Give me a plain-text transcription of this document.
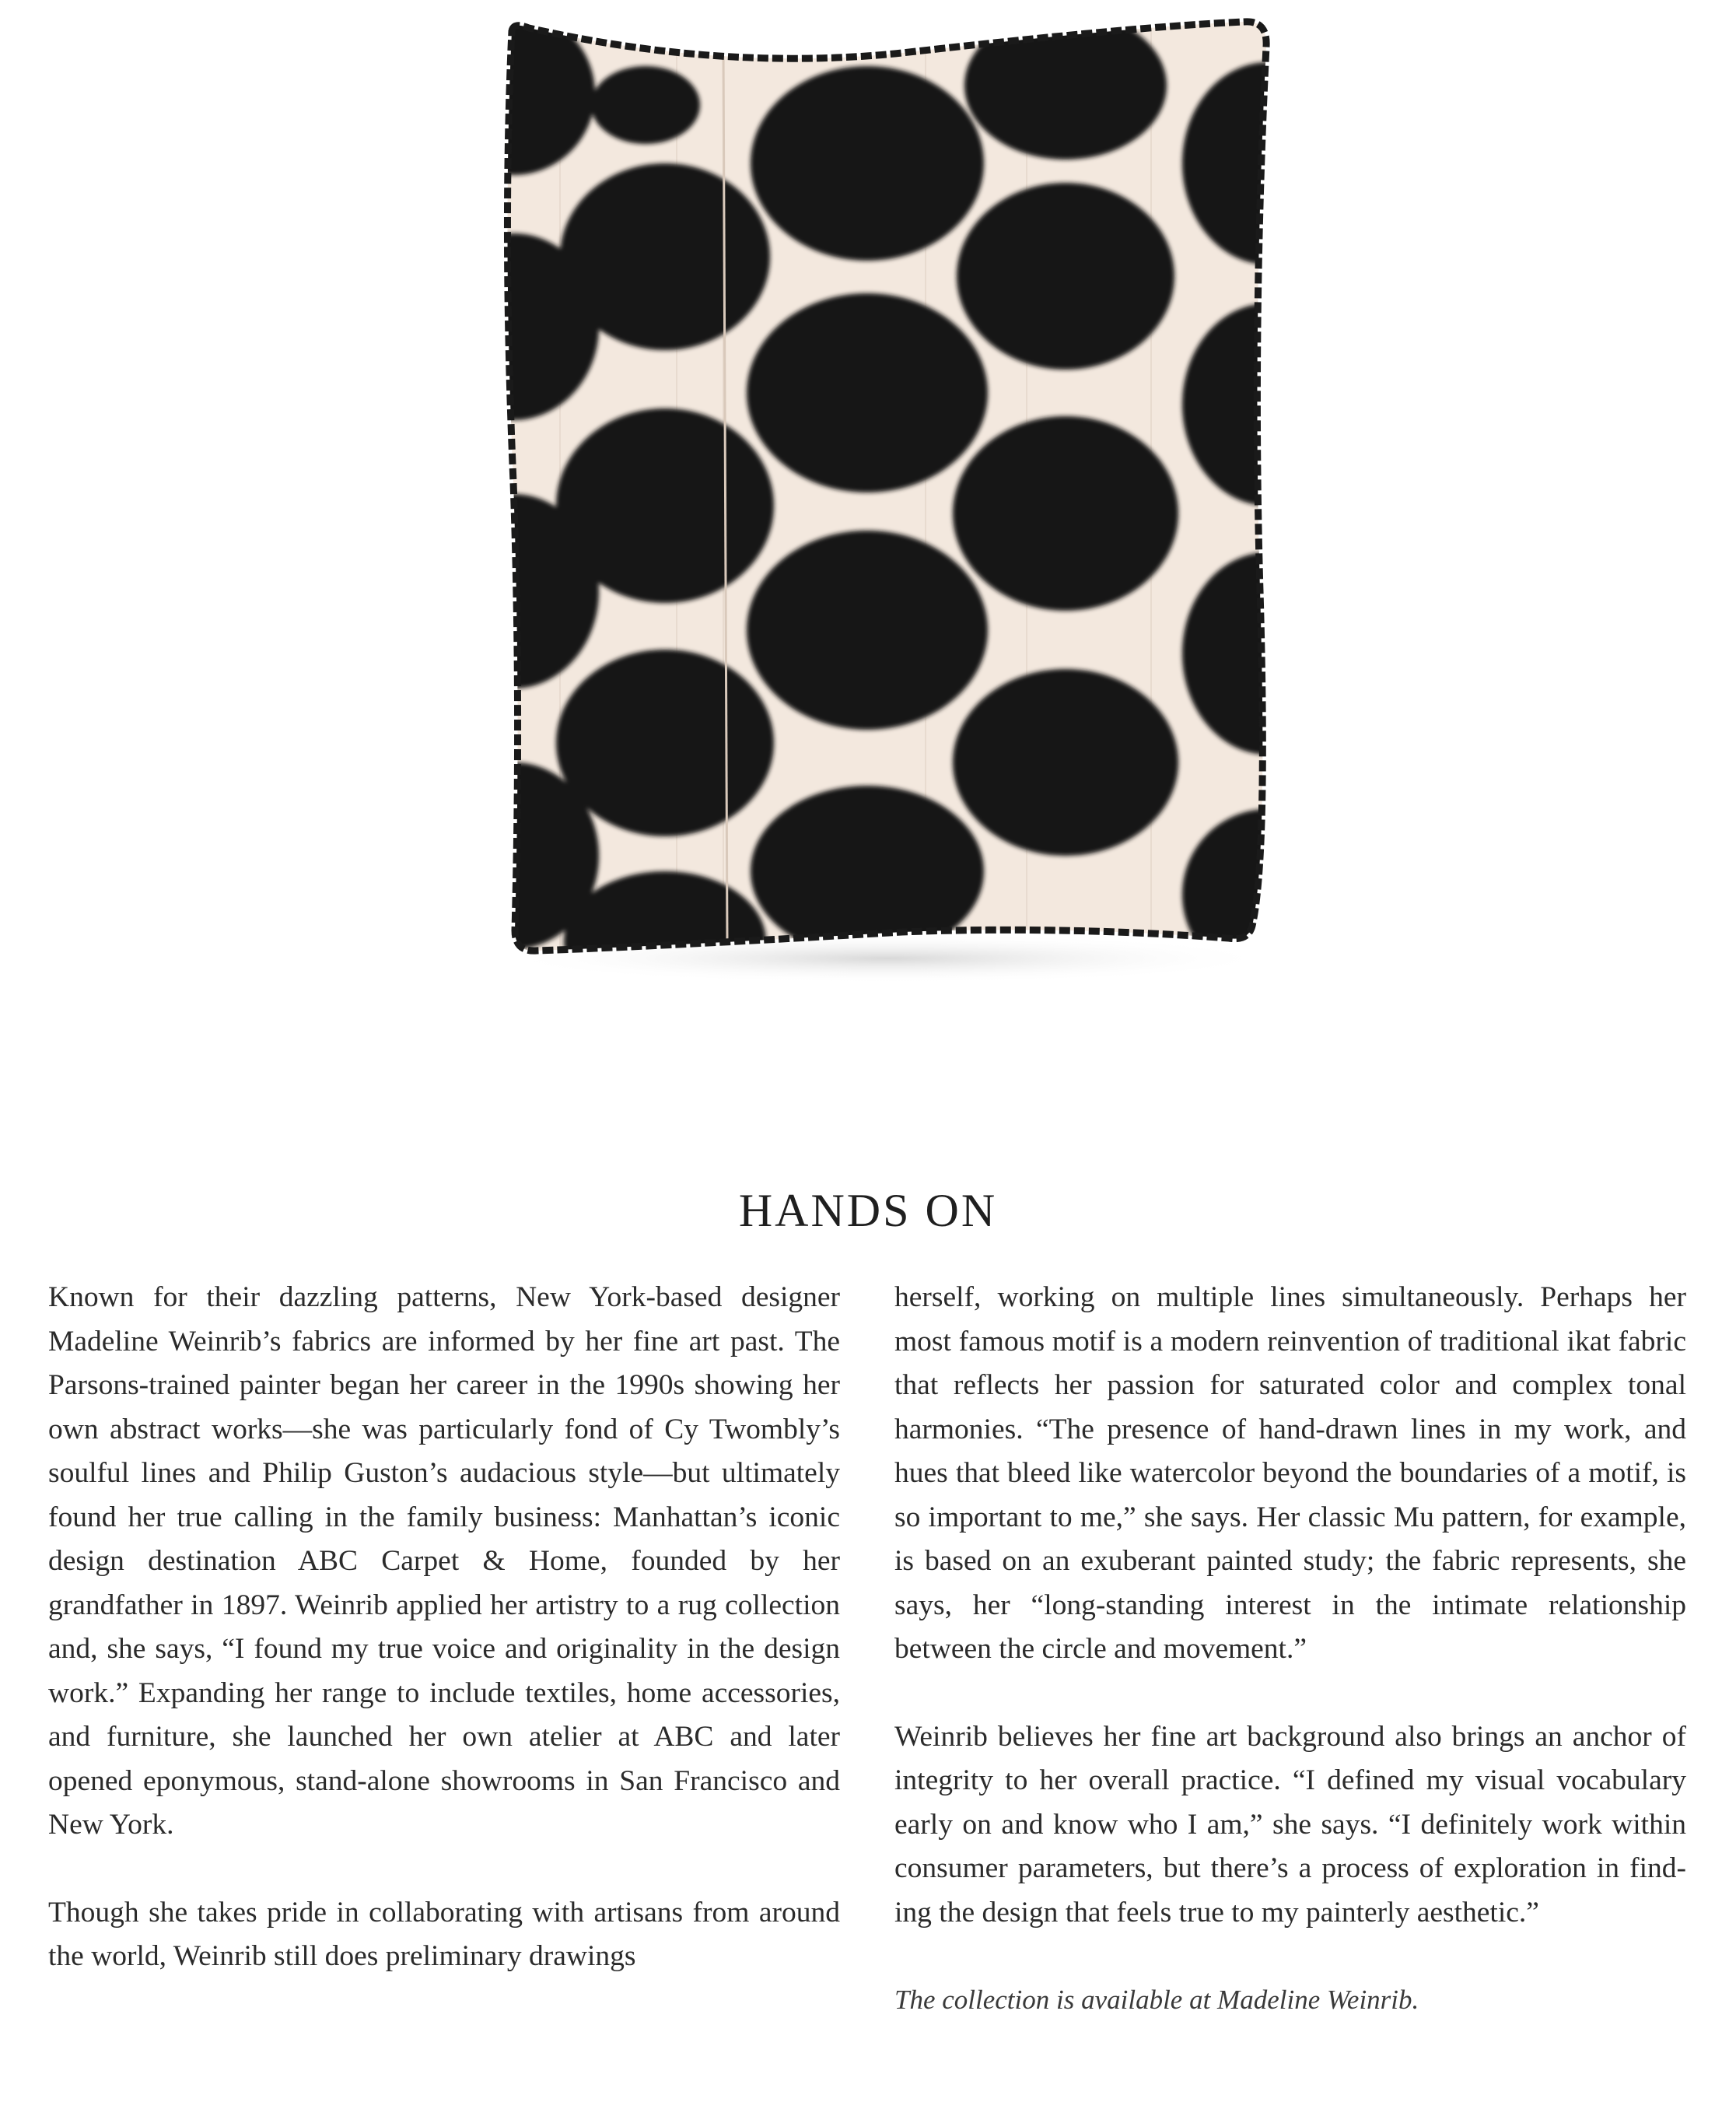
HANDS ON

Known for their dazzling patterns, New York-based designer Madeline Weinrib’s fabrics are informed by her fine art past. The Parsons-trained painter began her career in the 1990s showing her own abstract works—she was particularly fond of Cy Twombly’s soulful lines and Philip Guston’s audacious style—but ultimately found her true calling in the family business: Manhattan’s iconic design destination ABC Carpet & Home, founded by her grandfather in 1897. Weinrib applied her artistry to a rug collection and, she says, “I found my true voice and originality in the design work.” Expanding her range to include textiles, home accessories, and furniture, she launched her own atelier at ABC and later opened eponymous, stand-alone showrooms in San Francisco and New York.

Though she takes pride in collaborating with artisans from around the world, Weinrib still does preliminary drawings

herself, working on multiple lines simultaneously. Perhaps her most famous motif is a modern reinvention of traditional ikat fabric that reflects her passion for saturated color and complex tonal harmonies. “The presence of hand-drawn lines in my work, and hues that bleed like watercolor beyond the boundaries of a motif, is so important to me,” she says. Her classic Mu pattern, for example, is based on an exuberant painted study; the fabric represents, she says, her “long-standing interest in the intimate relationship between the circle and movement.”

Weinrib believes her fine art background also brings an anchor of integrity to her overall practice. “I defined my visual vocabulary early on and know who I am,” she says. “I definitely work within consumer parameters, but there’s a process of exploration in finding the design that feels true to my painterly aesthetic.”

The collection is available at Madeline Weinrib.
